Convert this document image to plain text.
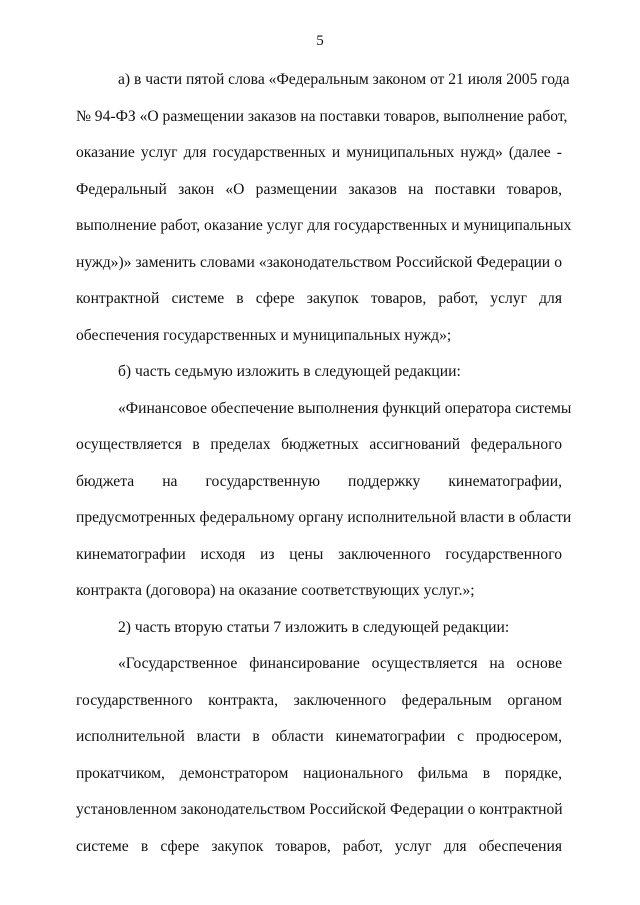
5
а) в части пятой слова «Федеральным законом от 21 июля 2005 года
№ 94-ФЗ «О размещении заказов на поставки товаров, выполнение работ,
оказание услуг для государственных и муниципальных нужд» (далее -
Федеральный закон «О размещении заказов на поставки товаров,
выполнение работ, оказание услуг для государственных и муниципальных
нужд»)» заменить словами «законодательством Российской Федерации о
контрактной системе в сфере закупок товаров, работ, услуг для
обеспечения государственных и муниципальных нужд»;
б) часть седьмую изложить в следующей редакции:
«Финансовое обеспечение выполнения функций оператора системы
осуществляется в пределах бюджетных ассигнований федерального
бюджета на государственную поддержку кинематографии,
предусмотренных федеральному органу исполнительной власти в области
кинематографии исходя из цены заключенного государственного
контракта (договора) на оказание соответствующих услуг.»;
2) часть вторую статьи 7 изложить в следующей редакции:
«Государственное финансирование осуществляется на основе
государственного контракта, заключенного федеральным органом
исполнительной власти в области кинематографии с продюсером,
прокатчиком, демонстратором национального фильма в порядке,
установленном законодательством Российской Федерации о контрактной
системе в сфере закупок товаров, работ, услуг для обеспечения
